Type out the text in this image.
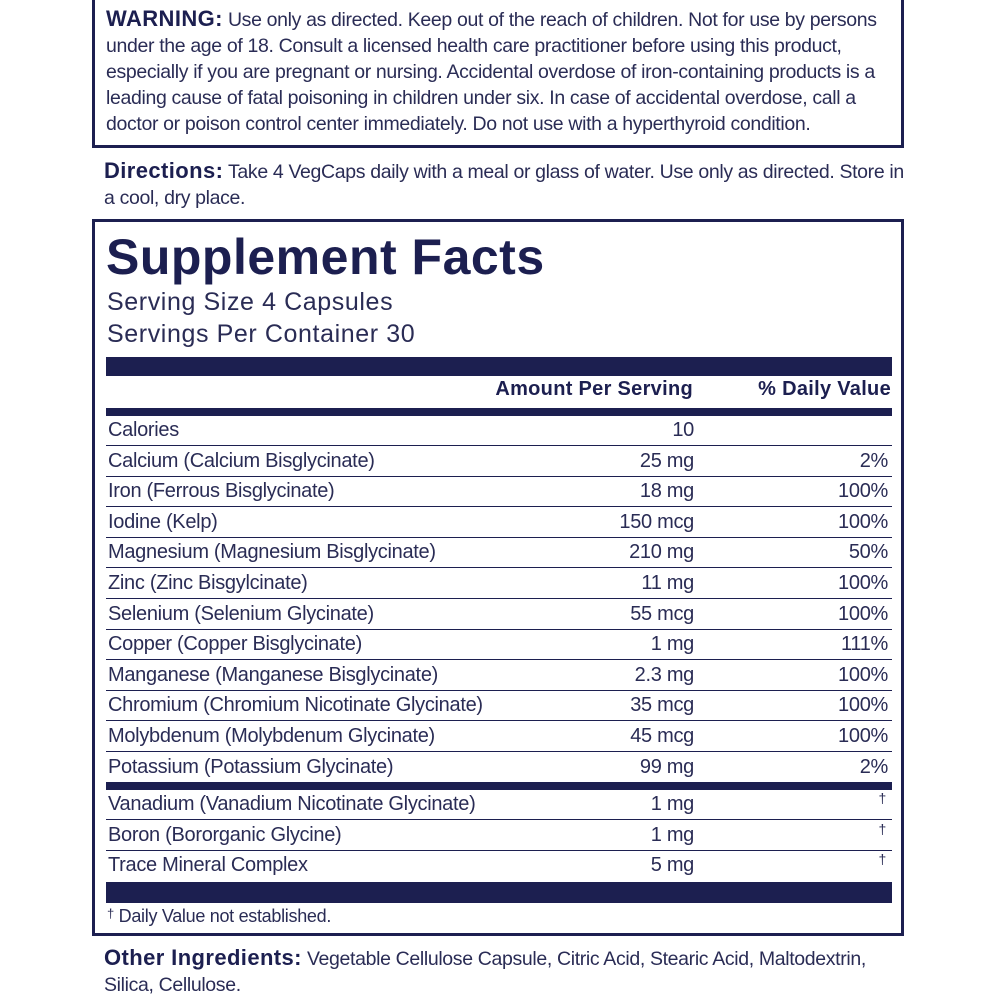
WARNING: Use only as directed. Keep out of the reach of children. Not for use by persons under the age of 18. Consult a licensed health care practitioner before using this product, especially if you are pregnant or nursing. Accidental overdose of iron-containing products is a leading cause of fatal poisoning in children under six. In case of accidental overdose, call a doctor or poison control center immediately. Do not use with a hyperthyroid condition.
Directions: Take 4 VegCaps daily with a meal or glass of water. Use only as directed. Store in a cool, dry place.
Supplement Facts
Serving Size 4 Capsules
Servings Per Container 30
Amount Per Serving	% Daily Value
Calories	10
Calcium (Calcium Bisglycinate)	25 mg	2%
Iron (Ferrous Bisglycinate)	18 mg	100%
Iodine (Kelp)	150 mcg	100%
Magnesium (Magnesium Bisglycinate)	210 mg	50%
Zinc (Zinc Bisgylcinate)	11 mg	100%
Selenium (Selenium Glycinate)	55 mcg	100%
Copper (Copper Bisglycinate)	1 mg	111%
Manganese (Manganese Bisglycinate)	2.3 mg	100%
Chromium (Chromium Nicotinate Glycinate)	35 mcg	100%
Molybdenum (Molybdenum Glycinate)	45 mcg	100%
Potassium (Potassium Glycinate)	99 mg	2%
Vanadium (Vanadium Nicotinate Glycinate)	1 mg	†
Boron (Bororganic Glycine)	1 mg	†
Trace Mineral Complex	5 mg	†
† Daily Value not established.
Other Ingredients: Vegetable Cellulose Capsule, Citric Acid, Stearic Acid, Maltodextrin, Silica, Cellulose.
